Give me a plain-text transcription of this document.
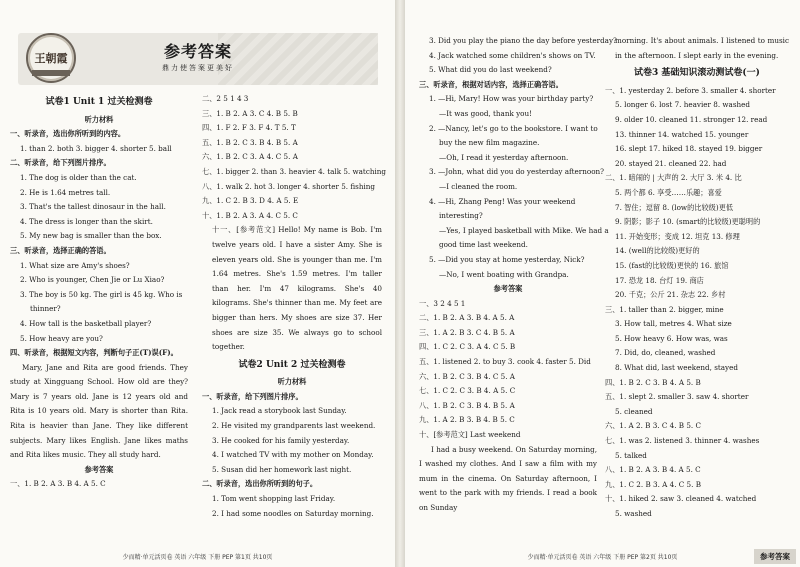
王朝霞	参考答案
鼎力使答案更美好

试卷1 Unit 1 过关检测卷

听力材料

一、听录音，选出你所听到的内容。

1. than 2. both 3. bigger 4. shorter 5. ball

二、听录音，给下列图片排序。

1. The dog is older than the cat.

2. He is 1.64 metres tall.

3. That's the tallest dinosaur in the hall.

4. The dress is longer than the skirt.

5. My new bag is smaller than the box.

三、听录音，选择正确的答语。

1. What size are Amy's shoes?

2. Who is younger, Chen Jie or Lu Xiao?

3. The boy is 50 kg. The girl is 45 kg. Who is

thinner?

4. How tall is the basketball player?

5. How heavy are you?

四、听录音，根据短文内容，判断句子正(T)误(F)。

Mary, Jane and Rita are good friends. They study at Xingguang School. How old are they? Mary is 7 years old. Jane is 12 years old and Rita is 10 years old. Mary is shorter than Rita. Rita is heavier than Jane. They like different subjects. Mary likes English. Jane likes maths and Rita likes music. They all study hard.

参考答案

一、1. B 2. A 3. B 4. A 5. C

二、2 5 1 4 3

三、1. B 2. A 3. C 4. B 5. B

四、1. F 2. F 3. F 4. T 5. T

五、1. B 2. C 3. B 4. B 5. A

六、1. B 2. C 3. A 4. C 5. A

七、1. bigger 2. than 3. heavier 4. talk 5. watching

八、1. walk 2. hot 3. longer 4. shorter 5. fishing

九、1. C 2. B 3. D 4. A 5. E

十、1. B 2. A 3. A 4. C 5. C

十一、[参考范文] Hello! My name is Bob. I'm twelve years old. I have a sister Amy. She is eleven years old. She is younger than me. I'm 1.64 metres. She's 1.59 metres. I'm taller than her. I'm 47 kilograms. She's 40 kilograms. She's thinner than me. My feet are bigger than hers. My shoes are size 37. Her shoes are size 35. We always go to school together.

试卷2 Unit 2 过关检测卷

听力材料

一、听录音，给下列图片排序。

1. Jack read a storybook last Sunday.

2. He visited my grandparents last weekend.

3. He cooked for his family yesterday.

4. I watched TV with my mother on Monday.

5. Susan did her homework last night.

二、听录音，选出你所听到的句子。

1. Tom went shopping last Friday.

2. I had some noodles on Saturday morning.

少而精·单元活页卷 英语 六年级 下册 PEP 第1页 共10页

3. Did you play the piano the day before yesterday?

4. Jack watched some children's shows on TV.

5. What did you do last weekend?

三、听录音，根据对话内容，选择正确答语。

1. —Hi, Mary! How was your birthday party?

—It was good, thank you!

2. —Nancy, let's go to the bookstore. I want to

buy the new film magazine.

—Oh, I read it yesterday afternoon.

3. —John, what did you do yesterday afternoon?

—I cleaned the room.

4. —Hi, Zhang Peng! Was your weekend

interesting?

—Yes, I played basketball with Mike. We had a

good time last weekend.

5. —Did you stay at home yesterday, Nick?

—No, I went boating with Grandpa.

参考答案

一、3 2 4 5 1

二、1. B 2. A 3. B 4. A 5. A

三、1. A 2. B 3. C 4. B 5. A

四、1. C 2. C 3. A 4. C 5. B

五、1. listened 2. to buy 3. cook 4. faster 5. Did

六、1. B 2. C 3. B 4. C 5. A

七、1. C 2. C 3. B 4. A 5. C

八、1. B 2. C 3. B 4. B 5. A

九、1. A 2. B 3. B 4. B 5. C

十、[参考范文] Last weekend

I had a busy weekend. On Saturday morning, I washed my clothes. And I saw a film with my mum in the cinema. On Saturday afternoon, I went to the park with my friends. I read a book on Sunday

morning. It's about animals. I listened to music in the afternoon. I slept early in the evening.

试卷3 基础知识滚动测试卷(一)

一、1. yesterday 2. before 3. smaller 4. shorter

5. longer 6. lost 7. heavier 8. washed

9. older 10. cleaned 11. stronger 12. read

13. thinner 14. watched 15. younger

16. slept 17. hiked 18. stayed 19. bigger

20. stayed 21. cleaned 22. had

二、1. 暗闹的 | 大声的 2. 大厅 3. 米 4. 比

5. 两个都 6. 享受……乐趣；喜爱

7. 智住；逗留 8. (low的比较级)更低

9. 阴影；影子 10. (smart的比较级)更聪明的

11. 开始变形；变成 12. 坦克 13. 修理

14. (well的比较级)更好的

15. (fast的比较级)更快的 16. 旅馆

17. 恐龙 18. 台灯 19. 商店

20. 千克；公斤 21. 杂志 22. 乡村

三、1. taller than 2. bigger, mine

3. How tall, metres 4. What size

5. How heavy 6. How was, was

7. Did, do, cleaned, washed

8. What did, last weekend, stayed

四、1. B 2. C 3. B 4. A 5. B

五、1. slept 2. smaller 3. saw 4. shorter

5. cleaned

六、1. A 2. B 3. C 4. B 5. C

七、1. was 2. listened 3. thinner 4. washes

5. talked

八、1. B 2. A 3. B 4. A 5. C

九、1. C 2. B 3. A 4. C 5. B

十、1. hiked 2. saw 3. cleaned 4. watched

5. washed

少而精·单元活页卷 英语 六年级 下册 PEP 第2页 共10页	参考答案
